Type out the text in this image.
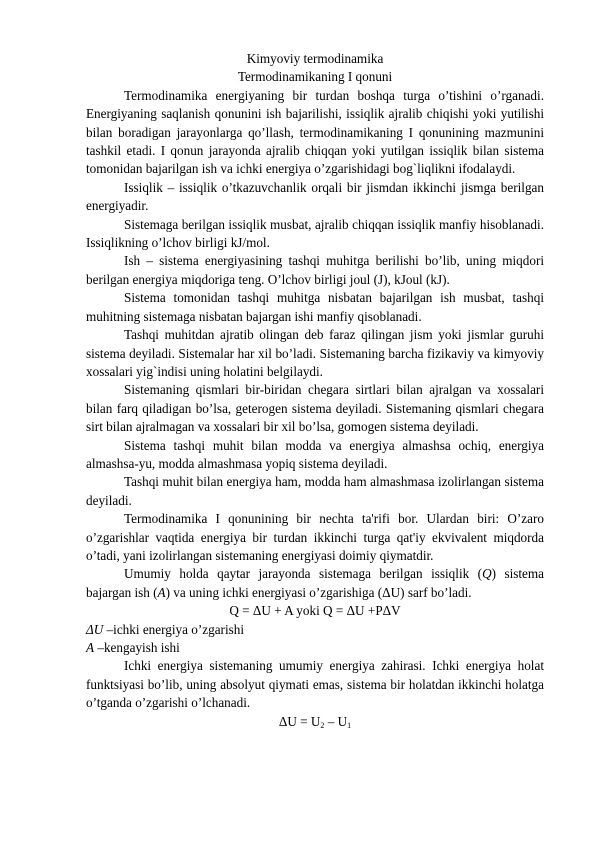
Kimyoviy termodinamika

Termodinamikaning I qonuni

Termodinamika energiyaning bir turdan boshqa turga o’tishini o’rganadi. Energiyaning saqlanish qonunini ish bajarilishi, issiqlik ajralib chiqishi yoki yutilishi bilan boradigan jarayonlarga qo’llash, termodinamikaning I qonunining mazmunini tashkil etadi. I qonun jarayonda ajralib chiqqan yoki yutilgan issiqlik bilan sistema tomonidan bajarilgan ish va ichki energiya o’zgarishidagi bog`liqlikni ifodalaydi.

Issiqlik – issiqlik o’tkazuvchanlik orqali bir jismdan ikkinchi jismga berilgan energiyadir.

Sistemaga berilgan issiqlik musbat, ajralib chiqqan issiqlik manfiy hisoblanadi. Issiqlikning o’lchov birligi kJ/mol.

Ish – sistema energiyasining tashqi muhitga berilishi bo’lib, uning miqdori berilgan energiya miqdoriga teng. O’lchov birligi joul (J), kJoul (kJ).

Sistema tomonidan tashqi muhitga nisbatan bajarilgan ish musbat, tashqi muhitning sistemaga nisbatan bajargan ishi manfiy qisoblanadi.

Tashqi muhitdan ajratib olingan deb faraz qilingan jism yoki jismlar guruhi sistema deyiladi. Sistemalar har xil bo’ladi. Sistemaning barcha fizikaviy va kimyoviy xossalari yig`indisi uning holatini belgilaydi.

Sistemaning qismlari bir-biridan chegara sirtlari bilan ajralgan va xossalari bilan farq qiladigan bo’lsa, geterogen sistema deyiladi. Sistemaning qismlari chegara sirt bilan ajralmagan va xossalari bir xil bo’lsa, gomogen sistema deyiladi.

Sistema tashqi muhit bilan modda va energiya almashsa ochiq, energiya almashsa-yu, modda almashmasa yopiq sistema deyiladi.

Tashqi muhit bilan energiya ham, modda ham almashmasa izolirlangan sistema deyiladi.

Termodinamika I qonunining bir nechta ta'rifi bor. Ulardan biri: O’zaro o’zgarishlar vaqtida energiya bir turdan ikkinchi turga qat'iy ekvivalent miqdorda o’tadi, yani izolirlangan sistemaning energiyasi doimiy qiymatdir.

Umumiy holda qaytar jarayonda sistemaga berilgan issiqlik (Q) sistema bajargan ish (A) va uning ichki energiyasi o’zgarishiga (ΔU) sarf bo’ladi.

Q = ΔU + A yoki Q = ΔU +PΔV

ΔU –ichki energiya o’zgarishi

A –kengayish ishi

Ichki energiya sistemaning umumiy energiya zahirasi. Ichki energiya holat funktsiyasi bo’lib, uning absolyut qiymati emas, sistema bir holatdan ikkinchi holatga o’tganda o’zgarishi o’lchanadi.

$\Delta U = U_2 - U_1$
